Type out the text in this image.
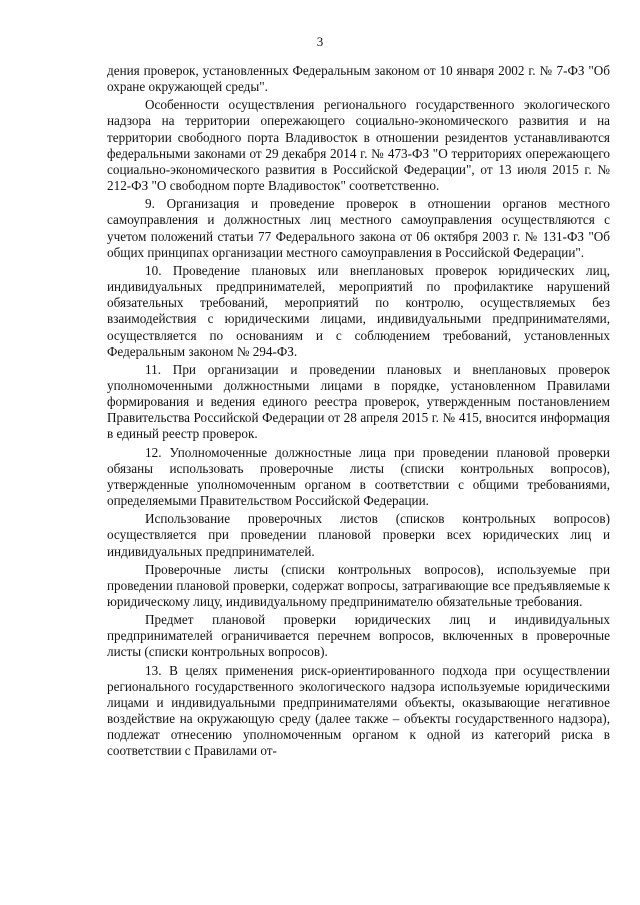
3

дения проверок, установленных Федеральным законом от 10 января 2002 г. № 7-ФЗ "Об охране окружающей среды".

Особенности осуществления регионального государственного экологического надзора на территории опережающего социально-экономического развития и на территории свободного порта Владивосток в отношении резидентов устанавливаются федеральными законами от 29 декабря 2014 г. № 473-ФЗ "О территориях опережающего социально-экономического развития в Российской Федерации", от 13 июля 2015 г. № 212-ФЗ "О свободном порте Владивосток" соответственно.

9. Организация и проведение проверок в отношении органов местного самоуправления и должностных лиц местного самоуправления осуществляются с учетом положений статьи 77 Федерального закона от 06 октября 2003 г. № 131-ФЗ "Об общих принципах организации местного самоуправления в Российской Федерации".

10. Проведение плановых или внеплановых проверок юридических лиц, индивидуальных предпринимателей, мероприятий по профилактике нарушений обязательных требований, мероприятий по контролю, осуществляемых без взаимодействия с юридическими лицами, индивидуальными предпринимателями, осуществляется по основаниям и с соблюдением требований, установленных Федеральным законом № 294-ФЗ.

11. При организации и проведении плановых и внеплановых проверок уполномоченными должностными лицами в порядке, установленном Правилами формирования и ведения единого реестра проверок, утвержденным постановлением Правительства Российской Федерации от 28 апреля 2015 г. № 415, вносится информация в единый реестр проверок.

12. Уполномоченные должностные лица при проведении плановой проверки обязаны использовать проверочные листы (списки контрольных вопросов), утвержденные уполномоченным органом в соответствии с общими требованиями, определяемыми Правительством Российской Федерации.

Использование проверочных листов (списков контрольных вопросов) осуществляется при проведении плановой проверки всех юридических лиц и индивидуальных предпринимателей.

Проверочные листы (списки контрольных вопросов), используемые при проведении плановой проверки, содержат вопросы, затрагивающие все предъявляемые к юридическому лицу, индивидуальному предпринимателю обязательные требования.

Предмет плановой проверки юридических лиц и индивидуальных предпринимателей ограничивается перечнем вопросов, включенных в проверочные листы (списки контрольных вопросов).

13. В целях применения риск-ориентированного подхода при осуществлении регионального государственного экологического надзора используемые юридическими лицами и индивидуальными предпринимателями объекты, оказывающие негативное воздействие на окружающую среду (далее также – объекты государственного надзора), подлежат отнесению уполномоченным органом к одной из категорий риска в соответствии с Правилами от-
